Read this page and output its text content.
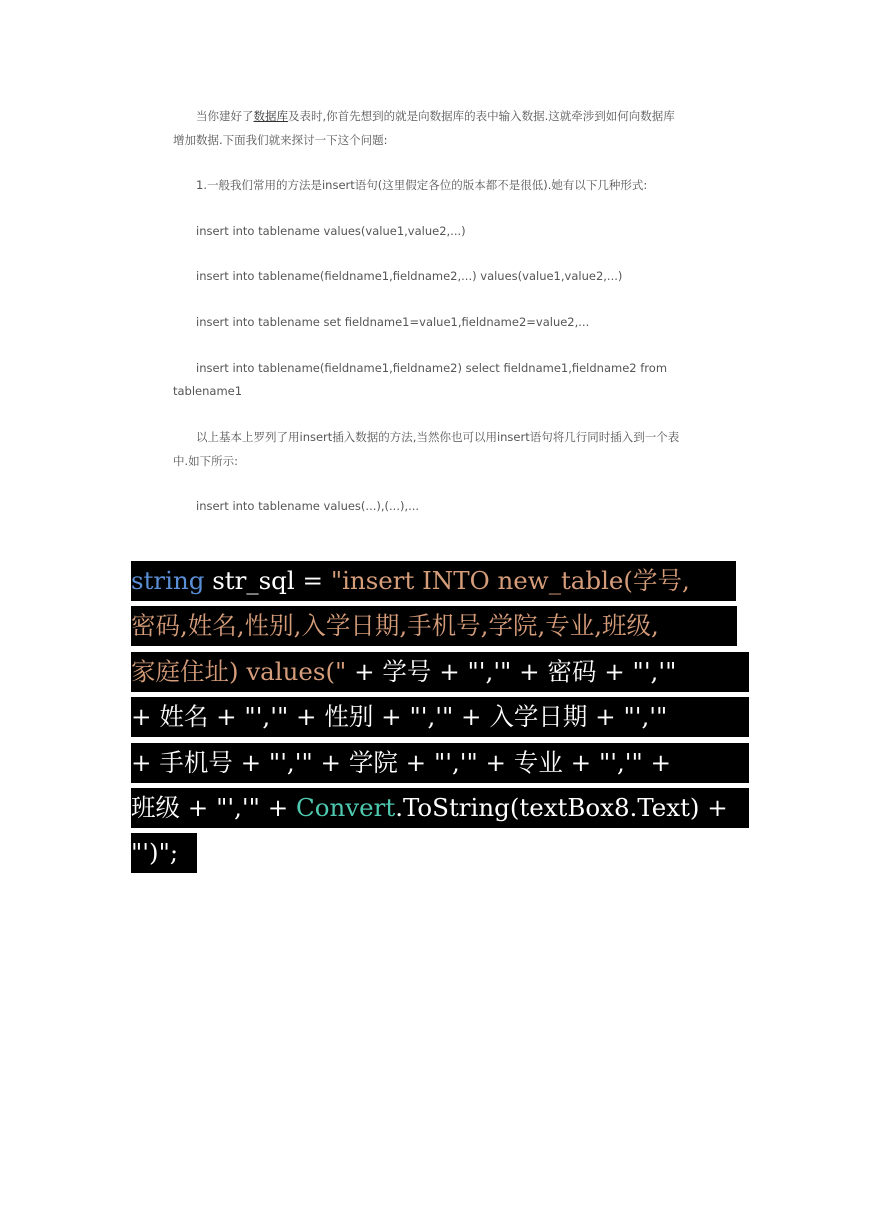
当你建好了数据库及表时,你首先想到的就是向数据库的表中输入数据.这就牵涉到如何向数据库
增加数据.下面我们就来探讨一下这个问题:
1.一般我们常用的方法是insert语句(这里假定各位的版本都不是很低).她有以下几种形式:
insert into tablename values(value1,value2,...)
insert into tablename(fieldname1,fieldname2,...) values(value1,value2,...)
insert into tablename set fieldname1=value1,fieldname2=value2,...
insert into tablename(fieldname1,fieldname2) select fieldname1,fieldname2 from
tablename1
以上基本上罗列了用insert插入数据的方法,当然你也可以用insert语句将几行同时插入到一个表
中.如下所示:
insert into tablename values(...),(...),...
string str_sql = "insert INTO new_table(学号,
密码,姓名,性别,入学日期,手机号,学院,专业,班级,
家庭住址) values(" + 学号 + "','" + 密码 + "','"
+ 姓名 + "','" + 性别 + "','" + 入学日期 + "','"
+ 手机号 + "','" + 学院 + "','" + 专业 + "','" +
班级 + "','" + Convert.ToString(textBox8.Text) +
"')";
